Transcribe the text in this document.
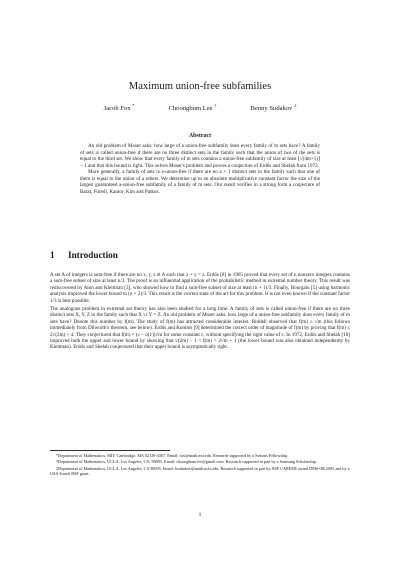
Maximum union-free subfamilies
Jacob Fox *	Choongbum Lee †	Benny Sudakov ‡
Abstract

An old problem of Moser asks: how large of a union-free subfamily does every family of m sets have? A family of sets is called union-free if there are no three distinct sets in the family such that the union of two of the sets is equal to the third set. We show that every family of m sets contains a union-free subfamily of size at least ⌊√(4m+1)⌋ − 1 and that this bound is tight. This solves Moser's problem and proves a conjecture of Erdős and Shelah from 1972.

More generally, a family of sets is a-union-free if there are no a + 1 distinct sets in the family such that one of them is equal to the union of a others. We determine up to an absolute multiplicative constant factor the size of the largest guaranteed a-union-free subfamily of a family of m sets. Our result verifies in a strong form a conjecture of Barat, Füredi, Kantor, Kim and Patkos.

1 Introduction

A set A of integers is sum-free if there are no x, y, z ∈ A such that x + y = z. Erdős [8] in 1965 proved that every set of n nonzero integers contains a sum-free subset of size at least n/3. The proof is an influential application of the probabilistic method in extremal number theory. This result was rediscovered by Alon and Kleitman [3], who showed how to find a sum-free subset of size at least (n + 1)/3. Finally, Bourgain [5] using harmonic analysis improved the lower bound to (n + 2)/3. This result is the current state of the art for this problem. It is not even known if the constant factor 1/3 is best possible.

The analogous problem in extremal set theory has also been studied for a long time. A family of sets is called union-free if there are no three distinct sets X, Y, Z in the family such that X ∪ Y = Z. An old problem of Moser asks: how large of a union-free subfamily does every family of m sets have? Denote this number by f(m). The study of f(m) has attracted considerable interest. Riddell observed that f(m) ≥ √m (this follows immediately from Dilworth's theorem, see below). Erdős and Komlós [9] determined the correct order of magnitude of f(m) by proving that f(m) ≤ 2√(2m) + 4. They conjectured that f(m) = (c − o(1))√m for some constant c, without specifying the right value of c. In 1972, Erdős and Shelah [10] improved both the upper and lower bound by showing that √(2m) − 1 < f(m) < 2√m + 1 (the lower bound was also obtained independently by Kleitman). Erdős and Shelah conjectured that their upper bound is asymptotically tight.

*Department of Mathematics, MIT, Cambridge, MA 02139-4307. Email: fox@math.mit.edu. Research supported by a Simons Fellowship.

†Department of Mathematics, UCLA, Los Angeles, CA, 90095. Email: choongbum.lee@gmail.com. Research supported in part by a Samsung Scholarship.

‡Department of Mathematics, UCLA, Los Angeles, CA 90095. Email: bsudakov@math.ucla.edu. Research supported in part by NSF CAREER award DMS-0812005 and by a USA-Israeli BSF grant.

1
